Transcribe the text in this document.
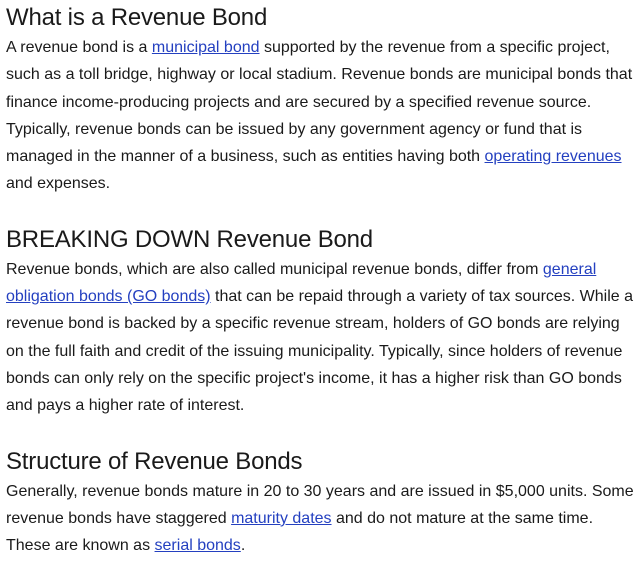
What is a Revenue Bond

A revenue bond is a municipal bond supported by the revenue from a specific project, such as a toll bridge, highway or local stadium. Revenue bonds are municipal bonds that finance income-producing projects and are secured by a specified revenue source. Typically, revenue bonds can be issued by any government agency or fund that is managed in the manner of a business, such as entities having both operating revenues and expenses.

BREAKING DOWN Revenue Bond

Revenue bonds, which are also called municipal revenue bonds, differ from general obligation bonds (GO bonds) that can be repaid through a variety of tax sources. While a revenue bond is backed by a specific revenue stream, holders of GO bonds are relying on the full faith and credit of the issuing municipality. Typically, since holders of revenue bonds can only rely on the specific project's income, it has a higher risk than GO bonds and pays a higher rate of interest.

Structure of Revenue Bonds

Generally, revenue bonds mature in 20 to 30 years and are issued in $5,000 units. Some revenue bonds have staggered maturity dates and do not mature at the same time. These are known as serial bonds.
